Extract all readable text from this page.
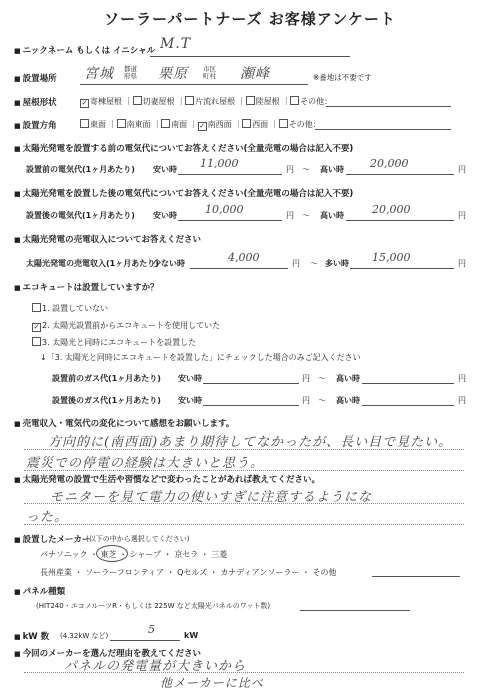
ソーラーパートナーズ お客様アンケート
■ ニックネーム もしくは イニシャル M.T
■ 設置場所 宮城 都道府県 栗原 市区町村 瀬峰	※番地は不要です
■ 屋根形状	✓ 寄棟屋根 ｜ 切妻屋根 ｜ 片流れ屋根 ｜ 陸屋根 ｜ その他：
■ 設置方角	東面 ｜ 南東面 ｜ 南面 ｜ ✓ 南西面 ｜ 西面 ｜ その他：
■ 太陽光発電を設置する前の電気代についてお答えください(全量売電の場合は記入不要)
設置前の電気代(1ヶ月あたり) 安い時 11,000	円 〜 高い時 20,000	円
■ 太陽光発電を設置した後の電気代についてお答えください(全量売電の場合は記入不要)
設置後の電気代(1ヶ月あたり) 安い時	10,000	円 〜 高い時	20,000	円
■ 太陽光発電の売電収入についてお答えください
太陽光発電の売電収入(1ヶ月あたり)
少ない時	4,000	円 〜 多い時 15,000	円
■ エコキュートは設置していますか？
1. 設置していない
✓ 2. 太陽光設置前からエコキュートを使用していた
3. 太陽光と同時にエコキュートを設置した
↓「3. 太陽光と同時にエコキュートを設置した」にチェックした場合のみご記入ください
設置前のガス代(1ヶ月あたり) 安い時	円 〜 高い時	円
設置後のガス代(1ヶ月あたり) 安い時	円 〜 高い時	円
■ 売電収入・電気代の変化について感想をお願いします。
方向的に(南西面)あまり期待してなかったが、長い目で見たい。
震災での停電の経験は大きいと思う。
■ 太陽光発電の設置で生活や習慣などで変わったことがあれば教えてください。
モニターを見て電力の使いすぎに注意するようにな
った。
■ 設置したメーカー
(以下の中から選択してください)
パナソニック ・ 東芝 ・ シャープ ・ 京セラ ・ 三菱
長州産業 ・ ソーラーフロンティア ・ Qセルズ ・ カナディアンソーラー ・ その他
■ パネル種類
(HIT240・エコノルーツR・もしくは 225W など太陽光パネルのワット数)
■ kW 数 (4.32kW など)	5	kW
■ 今回のメーカーを選んだ理由を教えてください
パネルの発電量が大きいから
他メーカーに比べ
